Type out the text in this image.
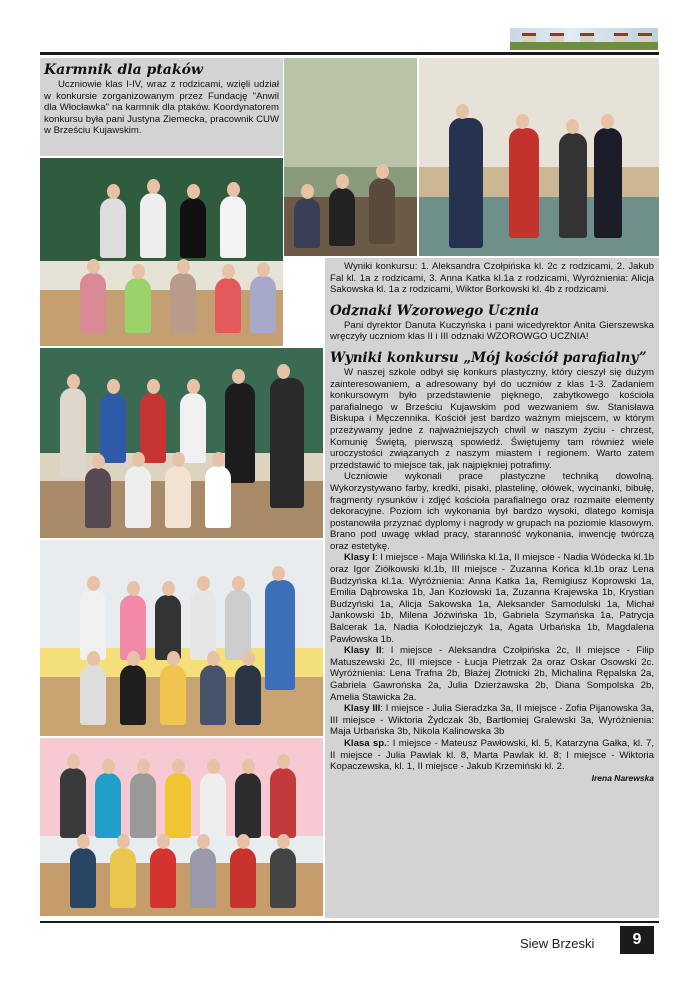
Karmnik dla ptaków

Uczniowie klas I-IV, wraz z rodzicami, wzięli udział w konkursie zorganizowanym przez Fundację "Anwil dla Włocławka" na karmnik dla ptaków. Koordynatorem konkursu była pani Justyna Ziemecka, pracownik CUW w Brześciu Kujawskim.

Wyniki konkursu: 1. Aleksandra Czołpińska kl. 2c z rodzicami, 2. Jakub Fal kl. 1a z rodzicami, 3. Anna Katka kl.1a z rodzicami, Wyróżnienia: Alicja Sakowska kl. 1a z rodzicami, Wiktor Borkowski kl. 4b z rodzicami.

Odznaki Wzorowego Ucznia

Pani dyrektor Danuta Kuczyńska i pani wicedyrektor Anita Gierszewska wręczyły uczniom klas II i III odznaki WZOROWGO UCZNIA!

Wyniki konkursu „Mój kościół parafialny”

W naszej szkole odbył się konkurs plastyczny, który cieszył się dużym zainteresowaniem, a adresowany był do uczniów z klas 1-3. Zadaniem konkursowym było przedstawienie pięknego, zabytkowego kościoła parafialnego w Brześciu Kujawskim pod wezwaniem św. Stanisława Biskupa i Męczennika. Kościół jest bardzo ważnym miejscem, w którym przeżywamy jedne z najważniejszych chwil w naszym życiu - chrzest, Komunię Świętą, pierwszą spowiedź. Świętujemy tam również wiele uroczystości związanych z naszym miastem i regionem. Warto zatem przedstawić to miejsce tak, jak najpiękniej potrafimy.

Uczniowie wykonali prace plastyczne techniką dowolną. Wykorzystywano farby, kredki, pisaki, plastelinę, ołówek, wycinanki, bibułę, fragmenty rysunków i zdjęć kościoła parafialnego oraz rozmaite elementy dekoracyjne. Poziom ich wykonania był bardzo wysoki, dlatego komisja postanowiła przyznać dyplomy i nagrody w grupach na poziomie klasowym. Brano pod uwagę wkład pracy, staranność wykonania, inwencję twórczą oraz estetykę.

Klasy I: I miejsce - Maja Wilińska kl.1a, II miejsce - Nadia Wódecka kl.1b oraz Igor Ziółkowski kl.1b, III miejsce - Zuzanna Końca kl.1b oraz Lena Budzyńska kl.1a. Wyróżnienia: Anna Katka 1a, Remigiusz Koprowski 1a, Emilia Dąbrowska 1b, Jan Kozłowski 1a, Zuzanna Krajewska 1b, Krystian Budzyński 1a, Alicja Sakowska 1a, Aleksander Samodulski 1a, Michał Jankowski 1b, Milena Jóźwińska 1b, Gabriela Szymańska 1a, Patrycja Balcerak 1a, Nadia Kołodziejczyk 1a, Agata Urbańska 1b, Magdalena Pawłowska 1b.

Klasy II: I miejsce - Aleksandra Czołpińska 2c, II miejsce - Filip Matuszewski 2c, III miejsce - Łucja Pietrzak 2a oraz Oskar Osowski 2c. Wyróżnienia: Lena Trafna 2b, Błażej Złotnicki 2b, Michalina Rępalska 2a, Gabriela Gawrońska 2a, Julia Dzierżawska 2b, Diana Sompolska 2b, Amelia Stawicka 2a.

Klasy III: I miejsce - Julia Sieradzka 3a, II miejsce - Zofia Pijanowska 3a, III miejsce - Wiktoria Żydczak 3b, Bartłomiej Gralewski 3a, Wyróżnienia: Maja Urbańska 3b, Nikola Kalinowska 3b

Klasa sp.: I miejsce - Mateusz Pawłowski, kl. 5, Katarzyna Gałka, kl. 7, II miejsce - Julia Pawlak kl. 8, Marta Pawlak kl. 8; I miejsce - Wiktoria Kopaczewska, kl. 1, II miejsce - Jakub Krzemiński kl. 2.

Irena Narewska
Siew Brzeski	9
